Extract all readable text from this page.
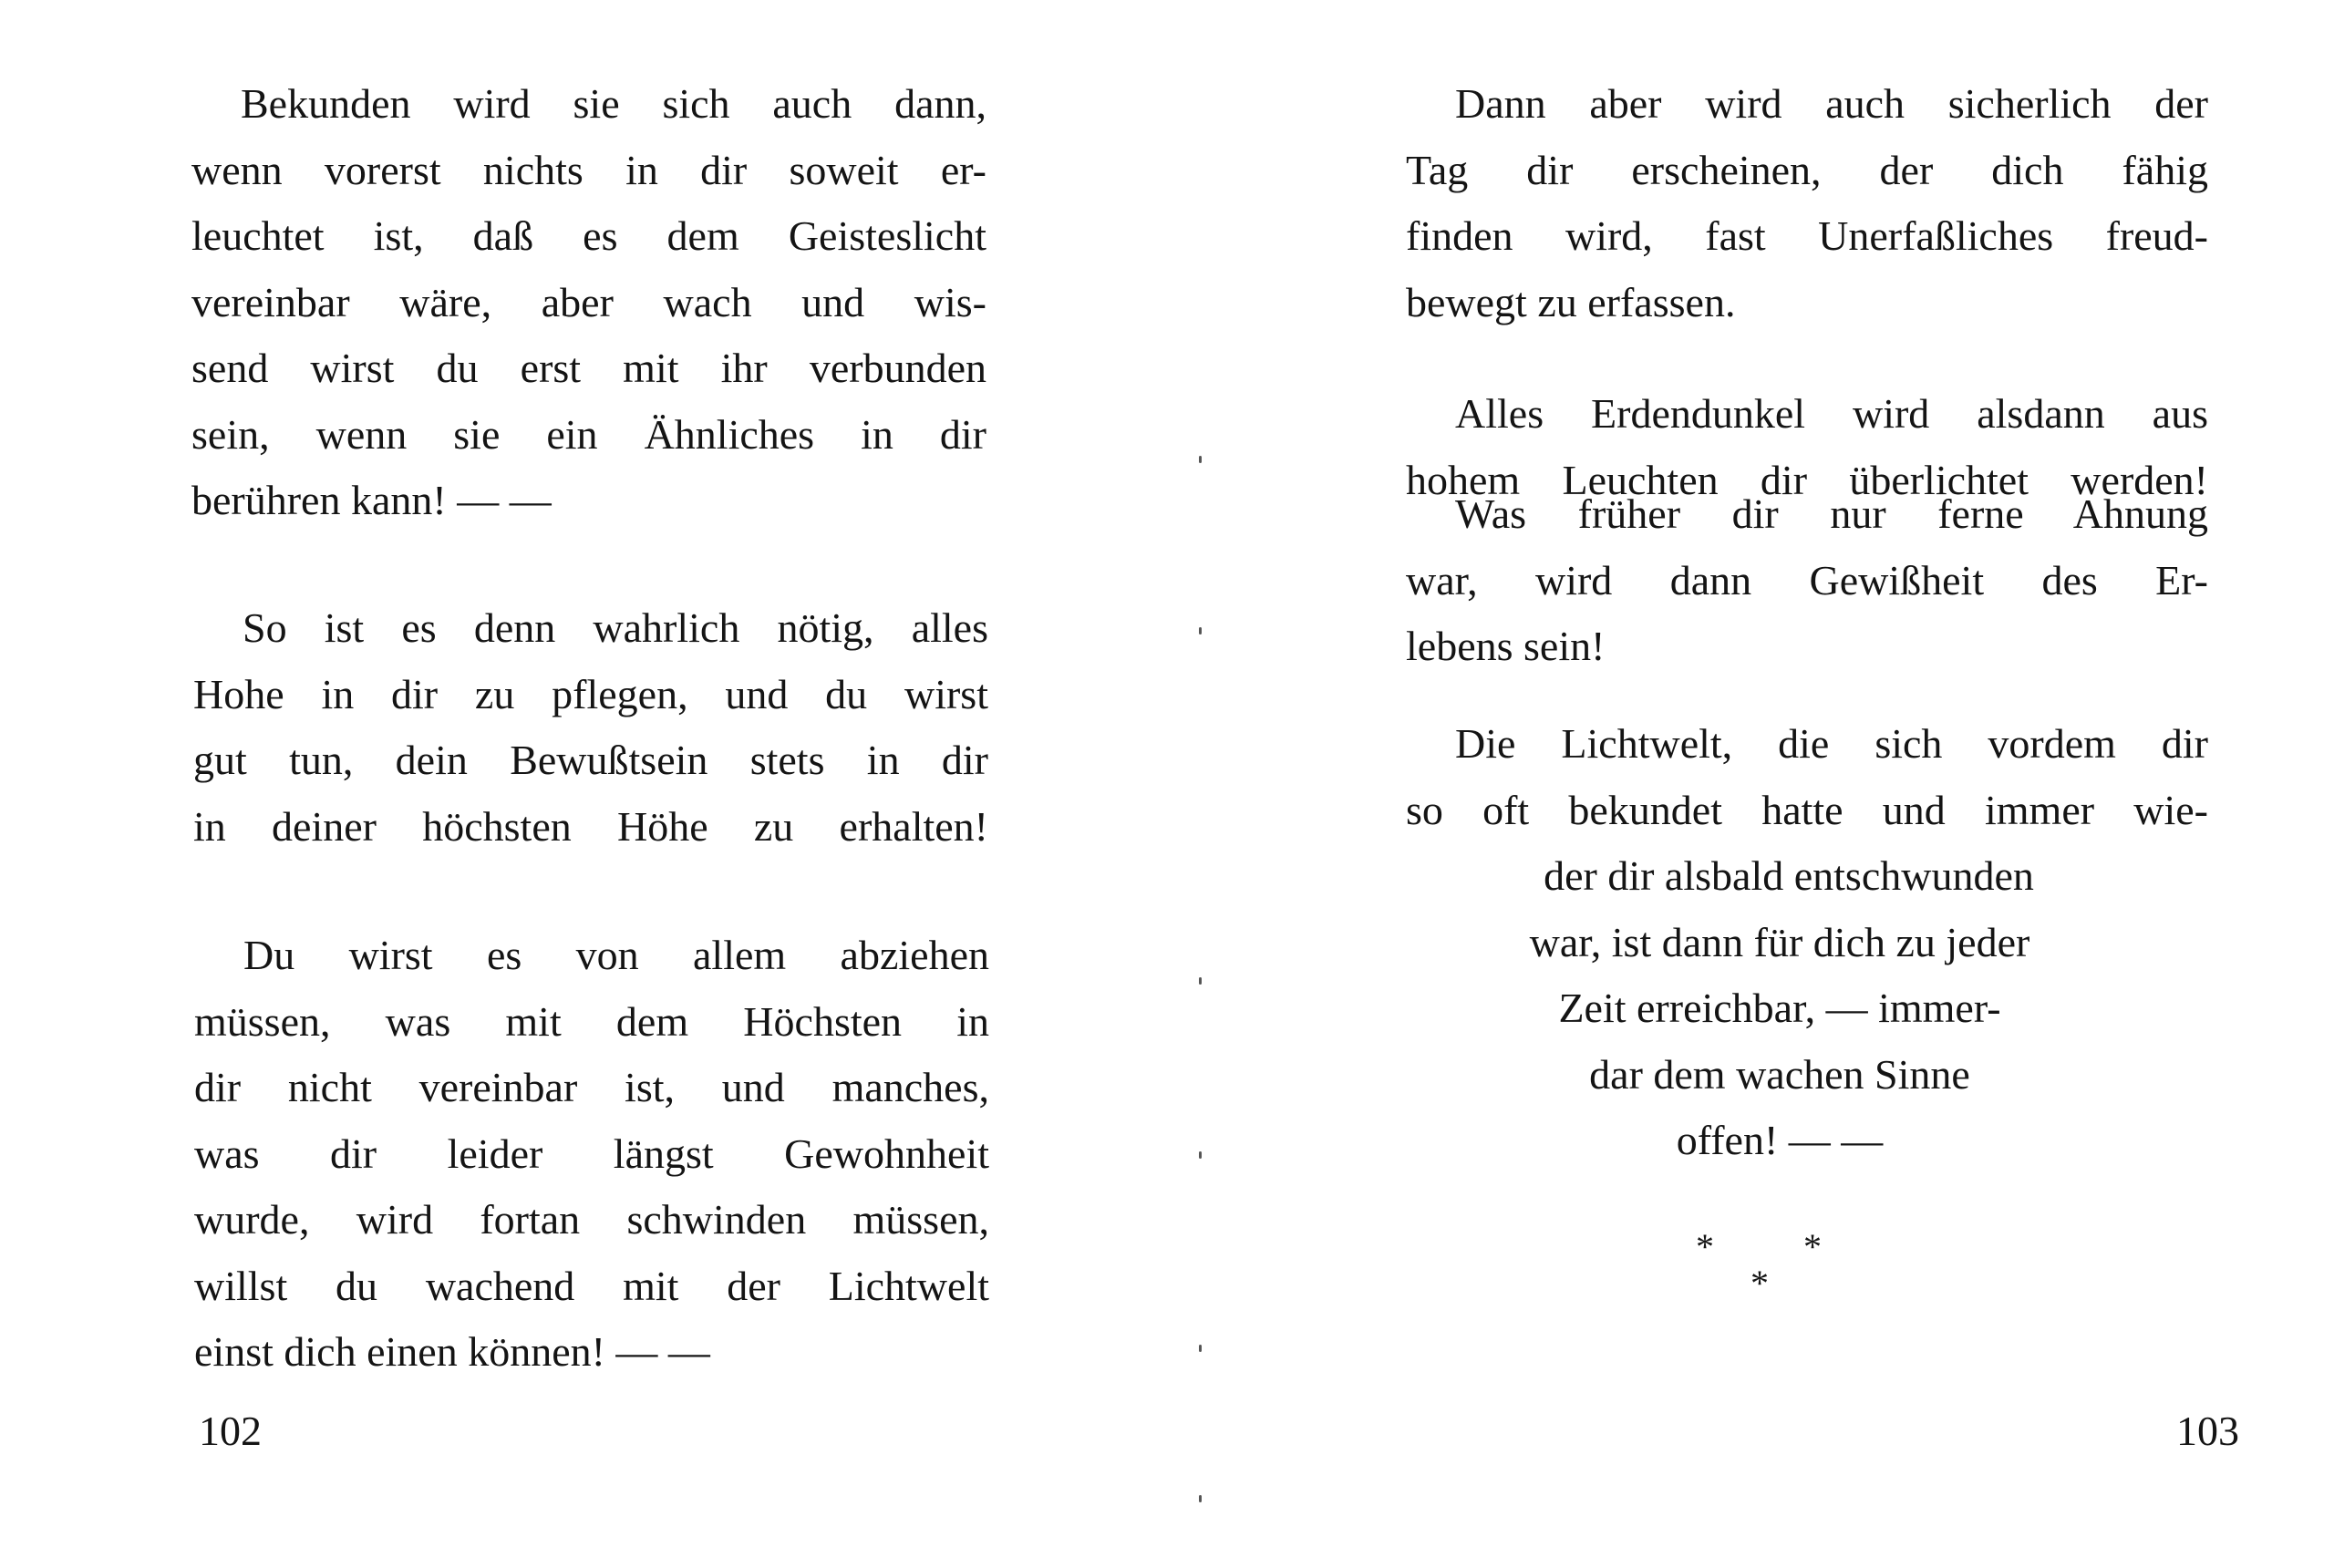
Bekunden wird sie sich auch dann,
wenn vorerst nichts in dir soweit er-
leuchtet ist, daß es dem Geisteslicht
vereinbar wäre, aber wach und wis-
send wirst du erst mit ihr verbunden
sein, wenn sie ein Ähnliches in dir
berühren kann! — —
So ist es denn wahrlich nötig, alles
Hohe in dir zu pflegen, und du wirst
gut tun, dein Bewußtsein stets in dir
in deiner höchsten Höhe zu erhalten!
Du wirst es von allem abziehen
müssen, was mit dem Höchsten in
dir nicht vereinbar ist, und manches,
was dir leider längst Gewohnheit
wurde, wird fortan schwinden müssen,
willst du wachend mit der Lichtwelt
einst dich einen können! — —
102
Dann aber wird auch sicherlich der
Tag dir erscheinen, der dich fähig
finden wird, fast Unerfaßliches freud-
bewegt zu erfassen.
Alles Erdendunkel wird alsdann aus
hohem Leuchten dir überlichtet werden!
Was früher dir nur ferne Ahnung
war, wird dann Gewißheit des Er-
lebens sein!
Die Lichtwelt, die sich vordem dir
so oft bekundet hatte und immer wie-
der dir alsbald entschwunden
war, ist dann für dich zu jeder
Zeit erreichbar, — immer-
dar dem wachen Sinne
offen! — —
*
*
*
103
